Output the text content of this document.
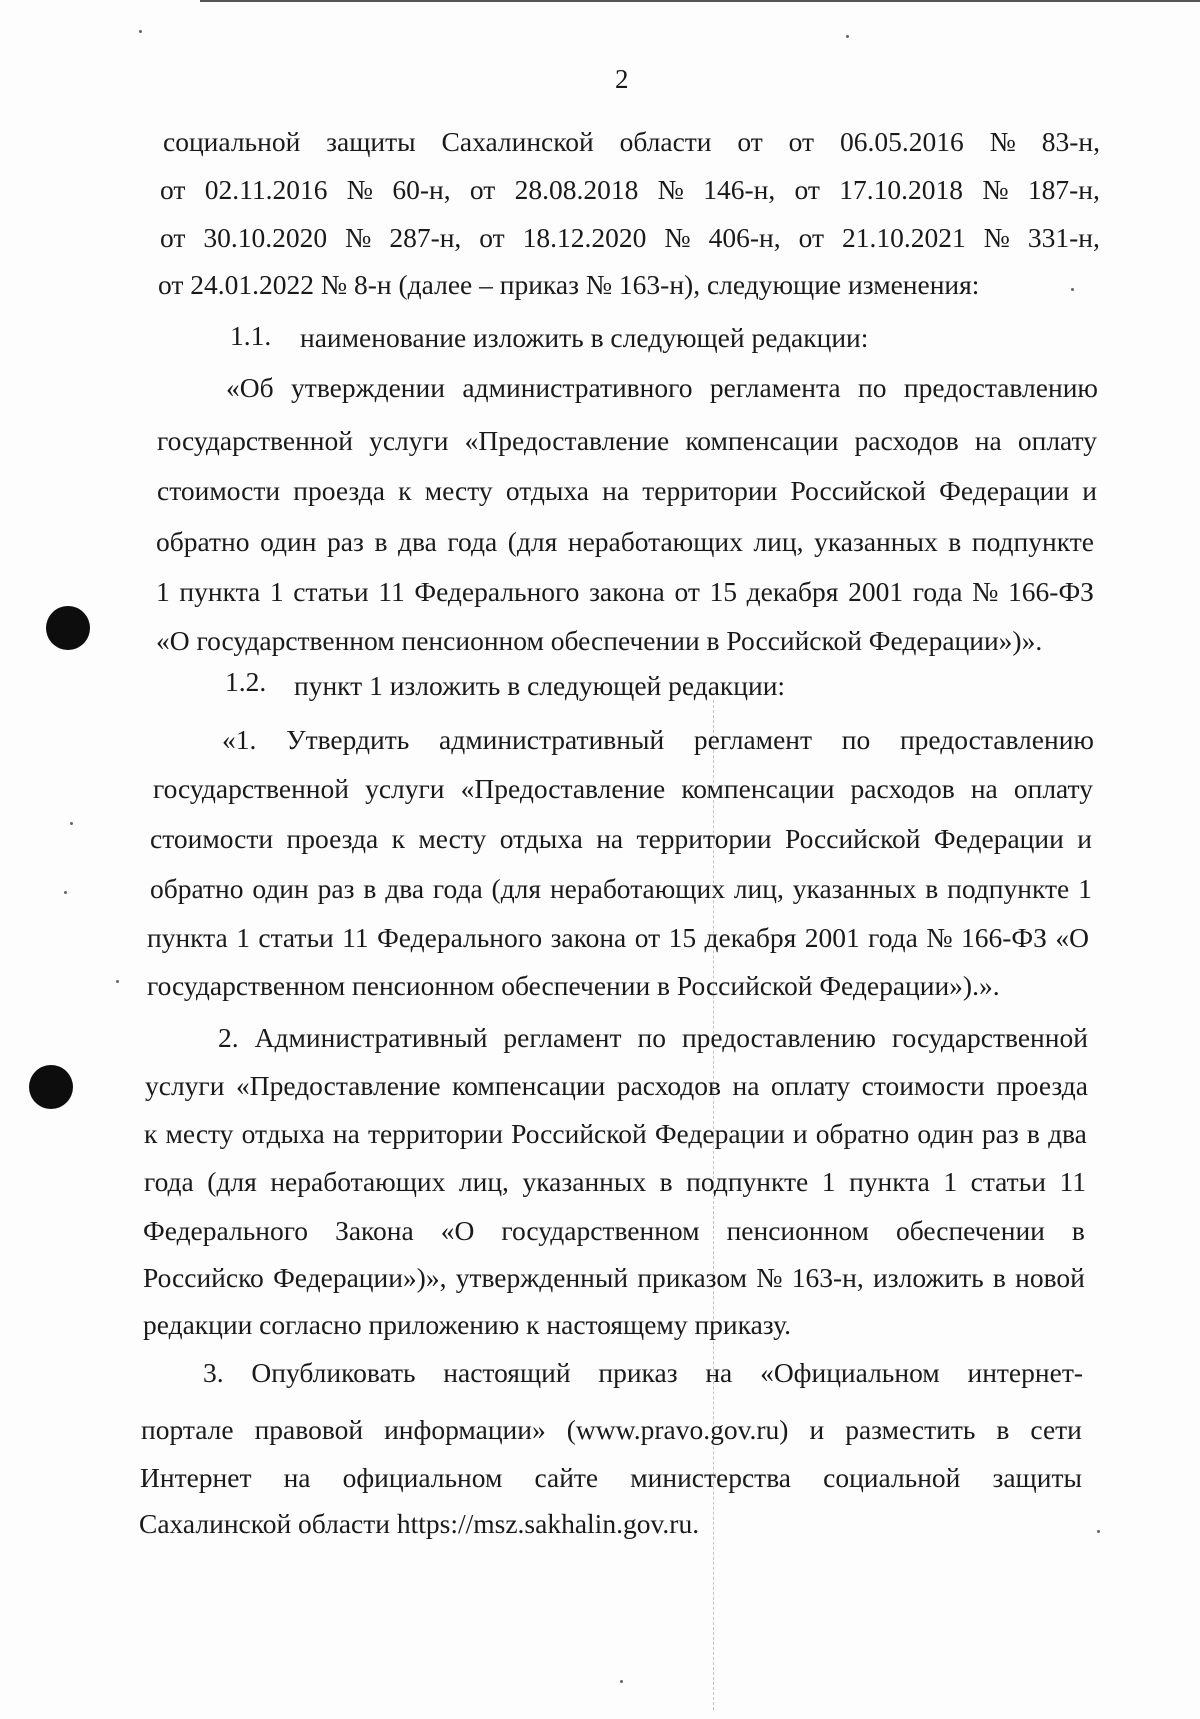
2
социальной защиты Сахалинской области от от 06.05.2016 № 83-н,
от 02.11.2016 № 60-н, от 28.08.2018 № 146-н, от 17.10.2018 № 187-н,
от 30.10.2020 № 287-н, от 18.12.2020 № 406-н, от 21.10.2021 № 331-н,
от 24.01.2022 № 8-н (далее – приказ № 163-н), следующие изменения:
1.1. наименование изложить в следующей редакции:
«Об утверждении административного регламента по предоставлению
государственной услуги «Предоставление компенсации расходов на оплату
стоимости проезда к месту отдыха на территории Российской Федерации и
обратно один раз в два года (для неработающих лиц, указанных в подпункте
1 пункта 1 статьи 11 Федерального закона от 15 декабря 2001 года № 166-ФЗ
«О государственном пенсионном обеспечении в Российской Федерации»)».
1.2. пункт 1 изложить в следующей редакции:
«1. Утвердить административный регламент по предоставлению
государственной услуги «Предоставление компенсации расходов на оплату
стоимости проезда к месту отдыха на территории Российской Федерации и
обратно один раз в два года (для неработающих лиц, указанных в подпункте 1
пункта 1 статьи 11 Федерального закона от 15 декабря 2001 года № 166-ФЗ «О
государственном пенсионном обеспечении в Российской Федерации»).».
2. Административный регламент по предоставлению государственной
услуги «Предоставление компенсации расходов на оплату стоимости проезда
к месту отдыха на территории Российской Федерации и обратно один раз в два
года (для неработающих лиц, указанных в подпункте 1 пункта 1 статьи 11
Федерального Закона «О государственном пенсионном обеспечении в
Российско Федерации»)», утвержденный приказом № 163-н, изложить в новой
редакции согласно приложению к настоящему приказу.
3. Опубликовать настоящий приказ на «Официальном интернет-
портале правовой информации» (www.pravo.gov.ru) и разместить в сети
Интернет на официальном сайте министерства социальной защиты
Сахалинской области https://msz.sakhalin.gov.ru.
